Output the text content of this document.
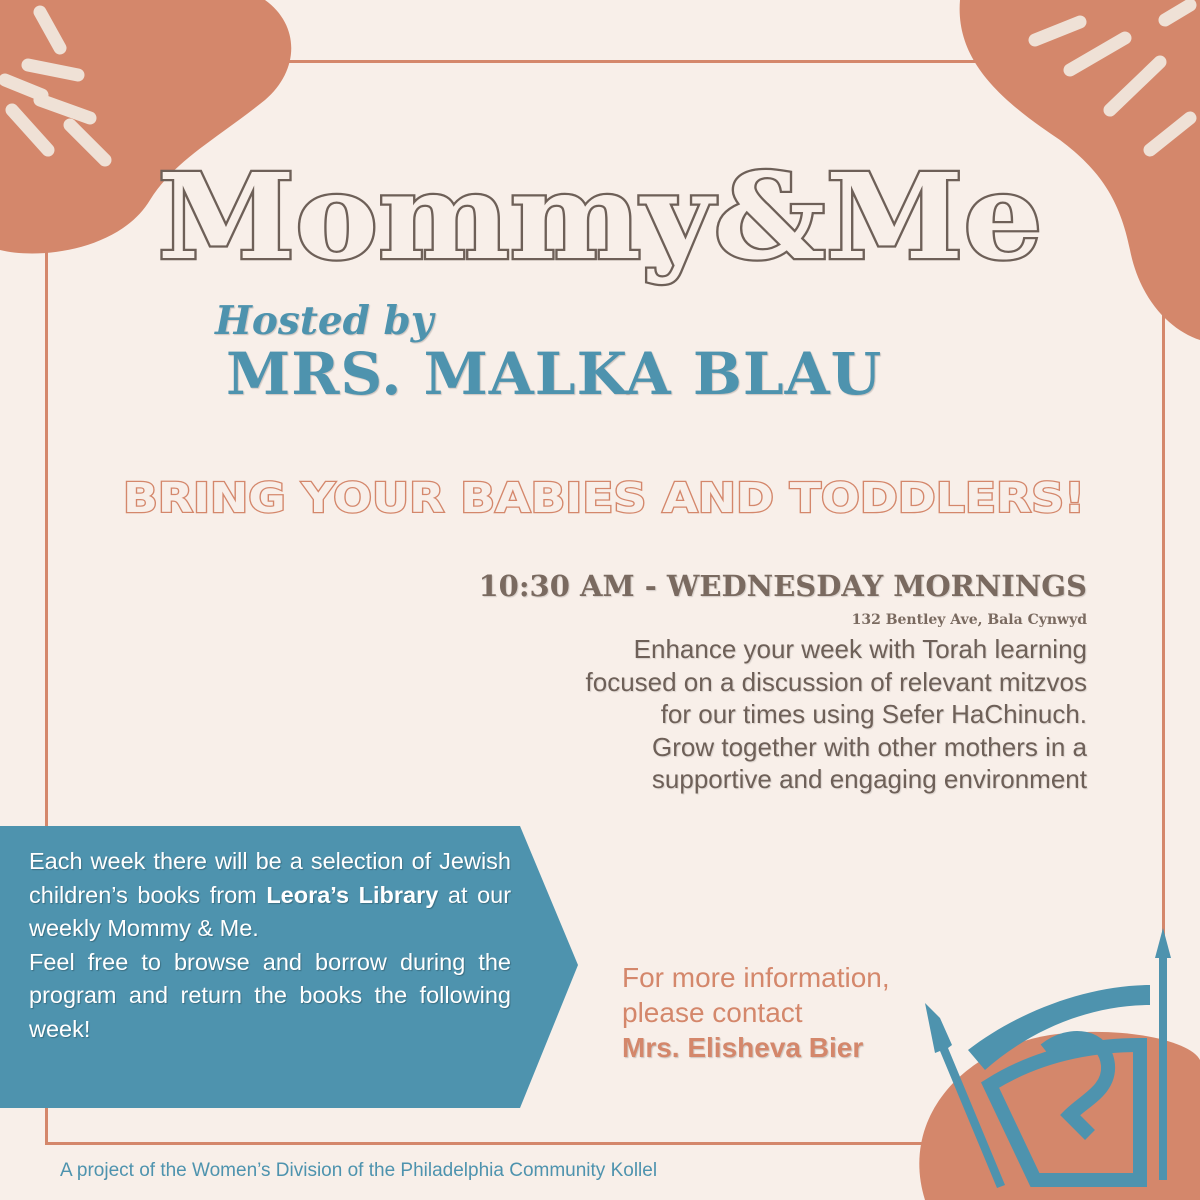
Mommy&Me
Hosted by
MRS. MALKA BLAU
BRING YOUR BABIES AND TODDLERS!
10:30 AM - WEDNESDAY MORNINGS
132 Bentley Ave, Bala Cynwyd
Enhance your week with Torah learning
focused on a discussion of relevant mitzvos
for our times using Sefer HaChinuch.
Grow together with other mothers in a
supportive and engaging environment
Each week there will be a selection of Jewish children’s books from Leora’s Library at our weekly Mommy & Me.
Feel free to browse and borrow during the program and return the books the following week!
For more information,
please contact
Mrs. Elisheva Bier
A project of the Women’s Division of the Philadelphia Community Kollel
